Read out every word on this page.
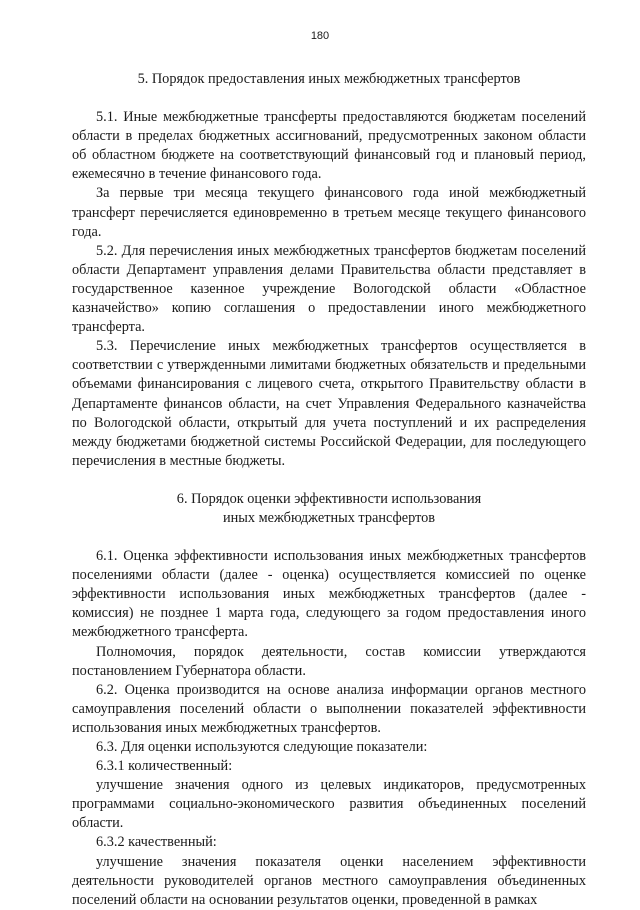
180

5. Порядок предоставления иных межбюджетных трансфертов

5.1. Иные межбюджетные трансферты предоставляются бюджетам поселений области в пределах бюджетных ассигнований, предусмотренных законом области об областном бюджете на соответствующий финансовый год и плановый период, ежемесячно в течение финансового года.

За первые три месяца текущего финансового года иной межбюджетный трансферт перечисляется единовременно в третьем месяце текущего финансового года.

5.2. Для перечисления иных межбюджетных трансфертов бюджетам поселений области Департамент управления делами Правительства области представляет в государственное казенное учреждение Вологодской области «Областное казначейство» копию соглашения о предоставлении иного межбюджетного трансферта.

5.3. Перечисление иных межбюджетных трансфертов осуществляется в соответствии с утвержденными лимитами бюджетных обязательств и предельными объемами финансирования с лицевого счета, открытого Правительству области в Департаменте финансов области, на счет Управления Федерального казначейства по Вологодской области, открытый для учета поступлений и их распределения между бюджетами бюджетной системы Российской Федерации, для последующего перечисления в местные бюджеты.

6. Порядок оценки эффективности использования
иных межбюджетных трансфертов

6.1. Оценка эффективности использования иных межбюджетных трансфертов поселениями области (далее - оценка) осуществляется комиссией по оценке эффективности использования иных межбюджетных трансфертов (далее - комиссия) не позднее 1 марта года, следующего за годом предоставления иного межбюджетного трансферта.

Полномочия, порядок деятельности, состав комиссии утверждаются постановлением Губернатора области.

6.2. Оценка производится на основе анализа информации органов местного самоуправления поселений области о выполнении показателей эффективности использования иных межбюджетных трансфертов.

6.3. Для оценки используются следующие показатели:

6.3.1 количественный:

улучшение значения одного из целевых индикаторов, предусмотренных программами социально-экономического развития объединенных поселений области.

6.3.2 качественный:

улучшение значения показателя оценки населением эффективности деятельности руководителей органов местного самоуправления объединенных поселений области на основании результатов оценки, проведенной в рамках
